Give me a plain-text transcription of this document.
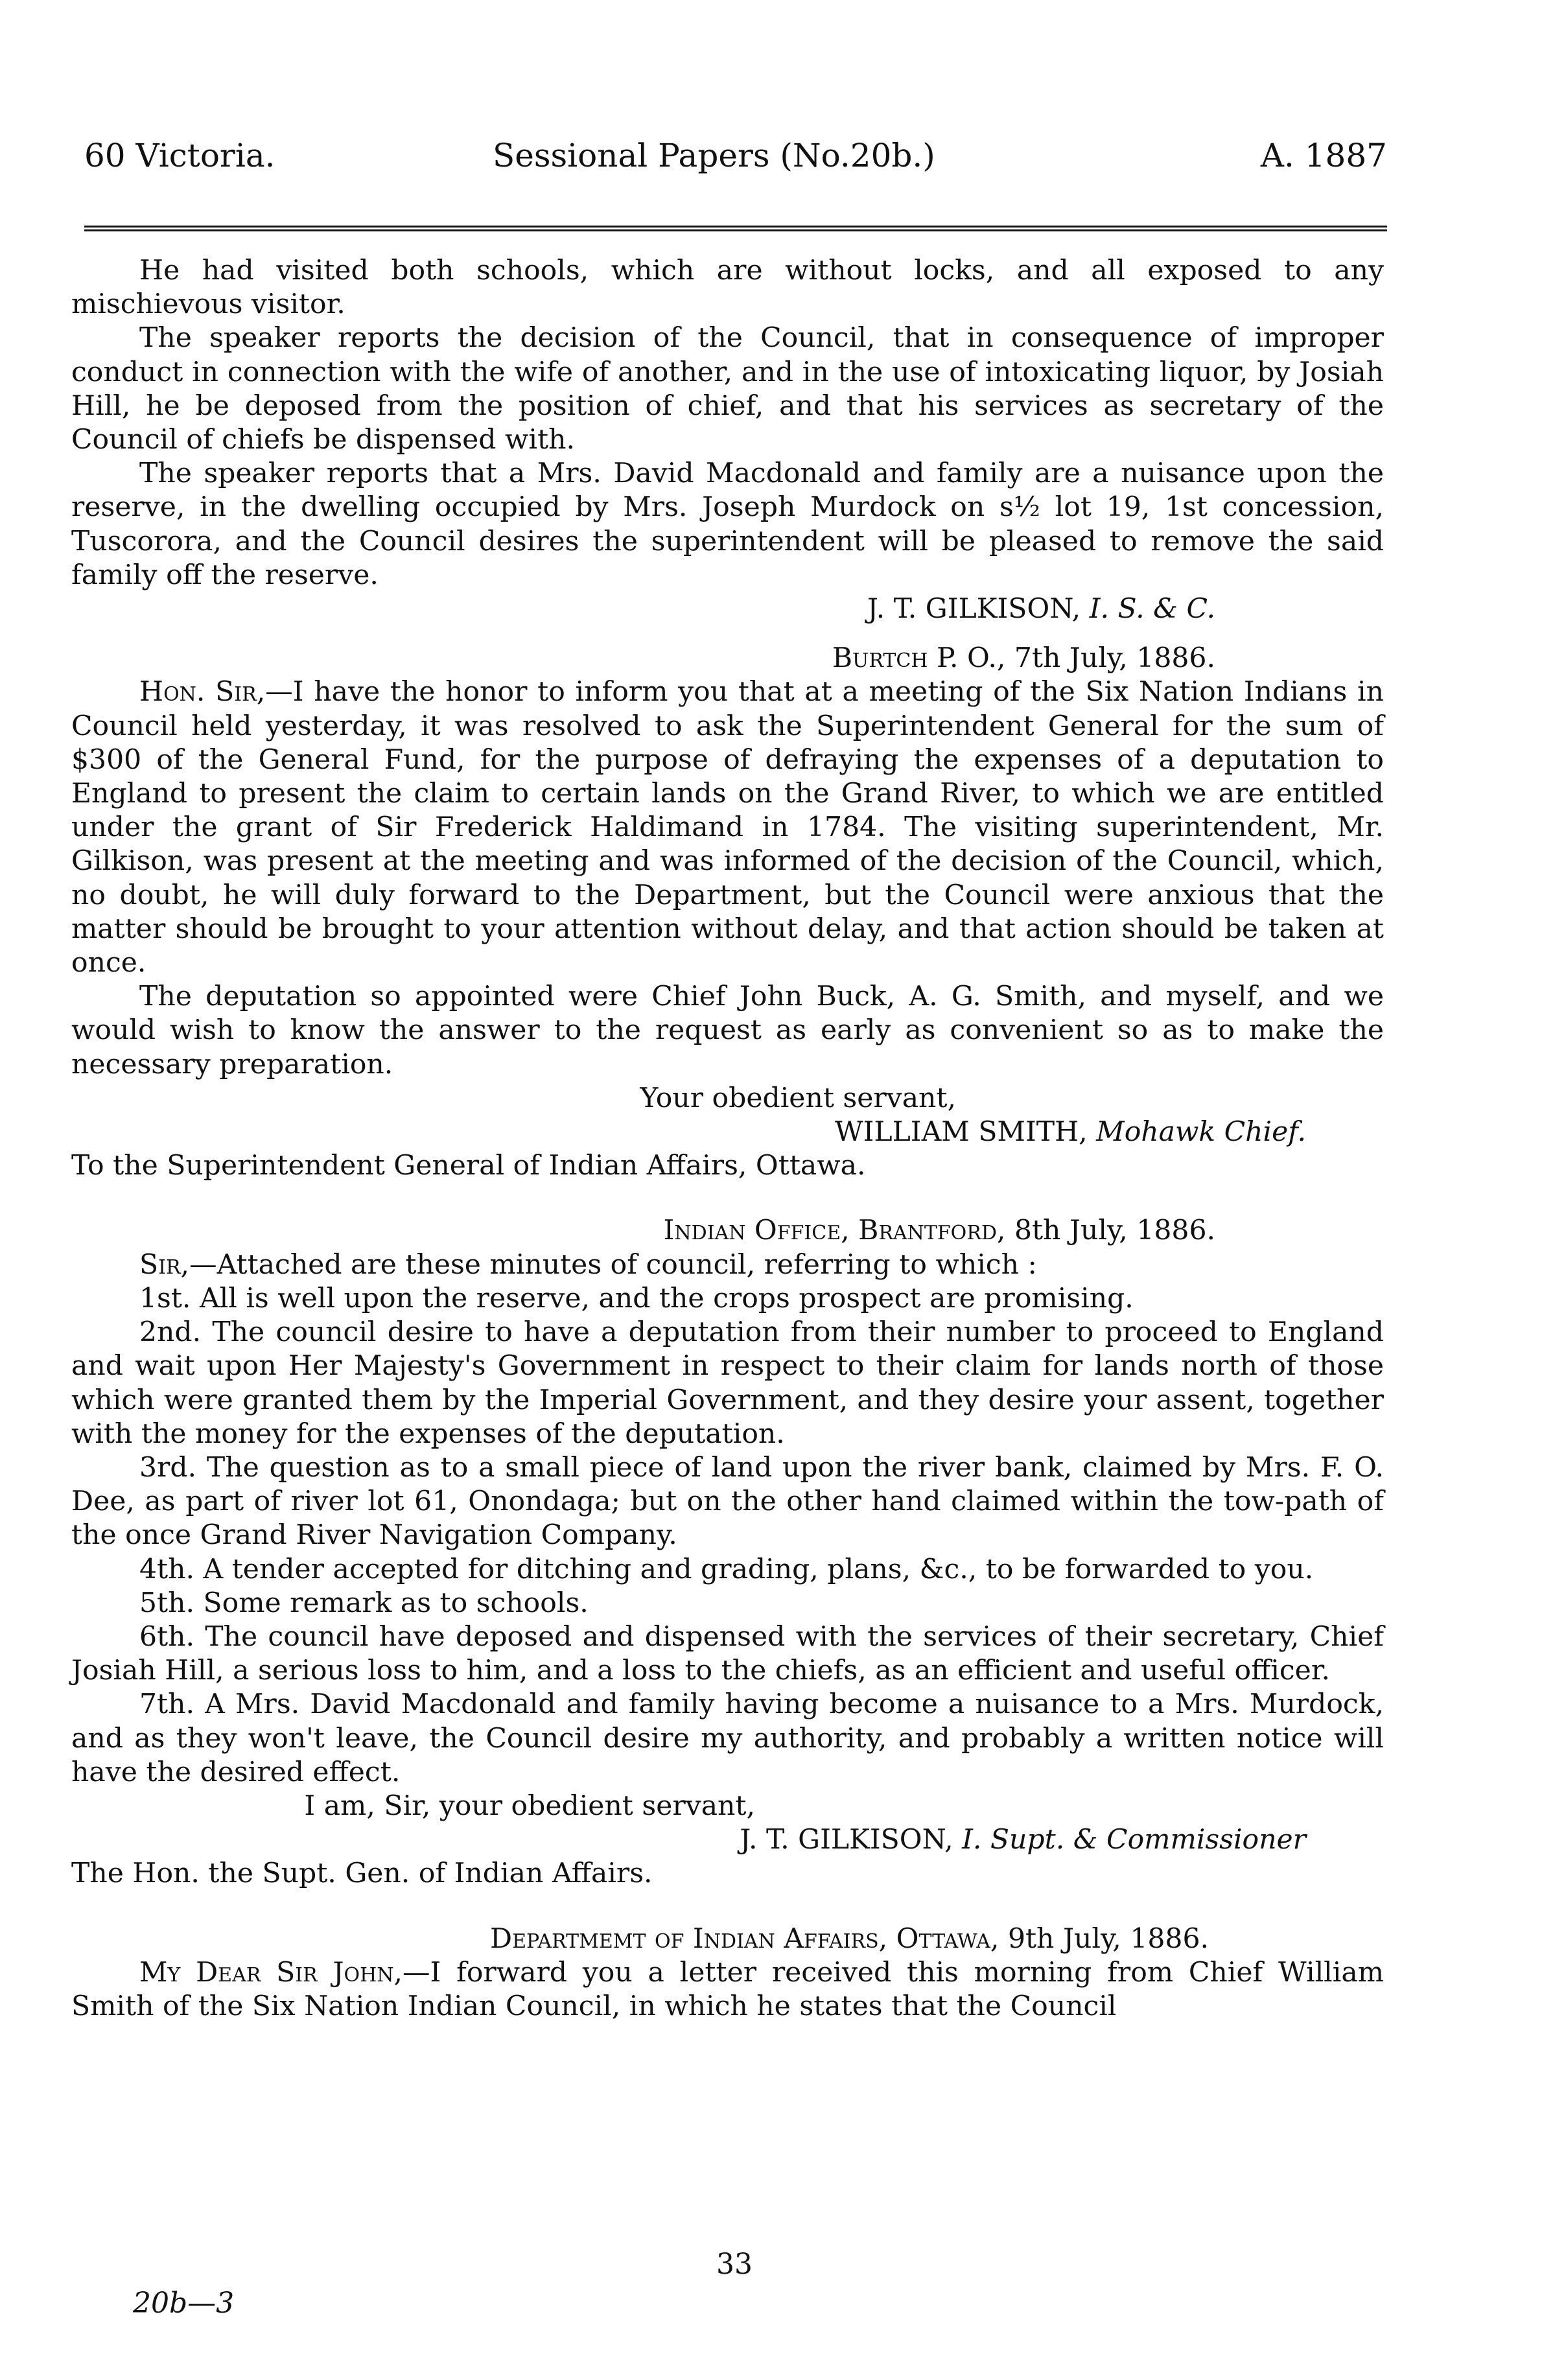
60 Victoria.	Sessional Papers (No.20b.)	A. 1887

He had visited both schools, which are without locks, and all exposed to any mischievous visitor.

The speaker reports the decision of the Council, that in consequence of improper conduct in connection with the wife of another, and in the use of intoxicating liquor, by Josiah Hill, he be deposed from the position of chief, and that his services as secretary of the Council of chiefs be dispensed with.

The speaker reports that a Mrs. David Macdonald and family are a nuisance upon the reserve, in the dwelling occupied by Mrs. Joseph Murdock on s½ lot 19, 1st concession, Tuscorora, and the Council desires the superintendent will be pleased to remove the said family off the reserve.

J. T. GILKISON, I. S. & C.

Burtch P. O., 7th July, 1886.

Hon. Sir,—I have the honor to inform you that at a meeting of the Six Nation Indians in Council held yesterday, it was resolved to ask the Superintendent General for the sum of $300 of the General Fund, for the purpose of defraying the expenses of a deputation to England to present the claim to certain lands on the Grand River, to which we are entitled under the grant of Sir Frederick Haldimand in 1784. The visiting superintendent, Mr. Gilkison, was present at the meeting and was informed of the decision of the Council, which, no doubt, he will duly forward to the Department, but the Council were anxious that the matter should be brought to your attention without delay, and that action should be taken at once.

The deputation so appointed were Chief John Buck, A. G. Smith, and myself, and we would wish to know the answer to the request as early as convenient so as to make the necessary preparation.

Your obedient servant,

WILLIAM SMITH, Mohawk Chief.

To the Superintendent General of Indian Affairs, Ottawa.

Indian Office, Brantford, 8th July, 1886.

Sir,—Attached are these minutes of council, referring to which :

1st. All is well upon the reserve, and the crops prospect are promising.

2nd. The council desire to have a deputation from their number to proceed to England and wait upon Her Majesty's Government in respect to their claim for lands north of those which were granted them by the Imperial Government, and they desire your assent, together with the money for the expenses of the deputation.

3rd. The question as to a small piece of land upon the river bank, claimed by Mrs. F. O. Dee, as part of river lot 61, Onondaga; but on the other hand claimed within the tow-path of the once Grand River Navigation Company.

4th. A tender accepted for ditching and grading, plans, &c., to be forwarded to you.

5th. Some remark as to schools.

6th. The council have deposed and dispensed with the services of their secretary, Chief Josiah Hill, a serious loss to him, and a loss to the chiefs, as an efficient and useful officer.

7th. A Mrs. David Macdonald and family having become a nuisance to a Mrs. Murdock, and as they won't leave, the Council desire my authority, and probably a written notice will have the desired effect.

I am, Sir, your obedient servant,

J. T. GILKISON, I. Supt. & Commissioner

The Hon. the Supt. Gen. of Indian Affairs.

Departmemt of Indian Affairs, Ottawa, 9th July, 1886.

My Dear Sir John,—I forward you a letter received this morning from Chief William Smith of the Six Nation Indian Council, in which he states that the Council

33
20b—3
